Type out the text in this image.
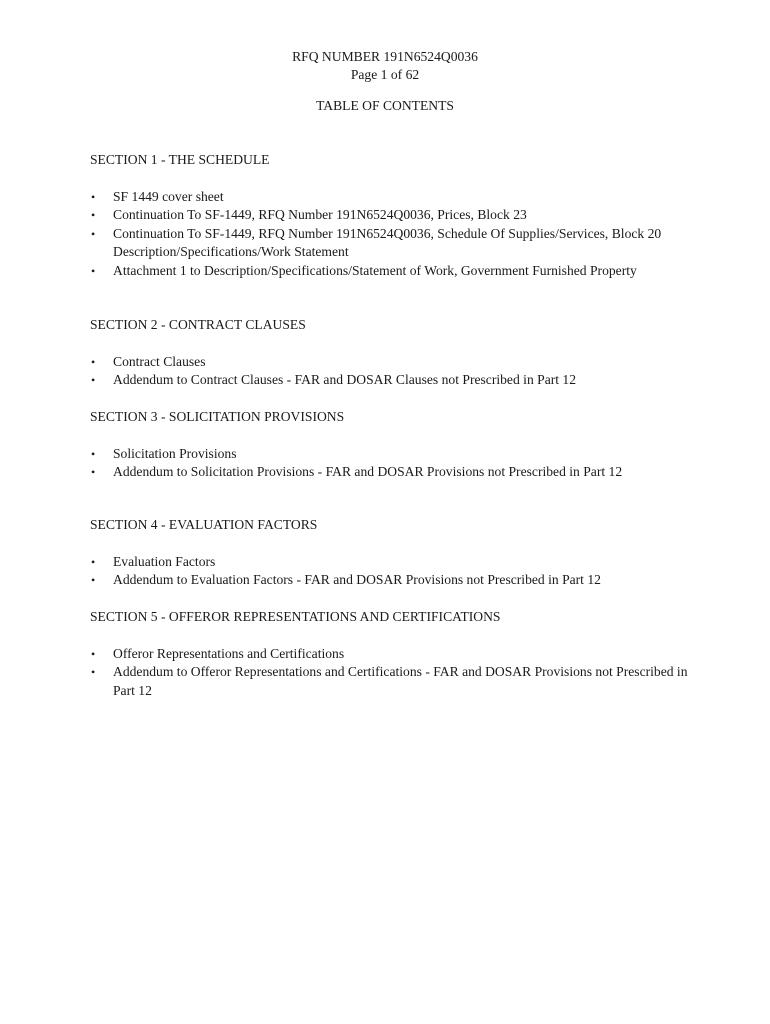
RFQ NUMBER 191N6524Q0036
Page 1 of 62
TABLE OF CONTENTS
SECTION 1 - THE SCHEDULE
• SF 1449 cover sheet
• Continuation To SF-1449, RFQ Number 191N6524Q0036, Prices, Block 23
• Continuation To SF-1449, RFQ Number 191N6524Q0036, Schedule Of Supplies/Services, Block 20 Description/Specifications/Work Statement
• Attachment 1 to Description/Specifications/Statement of Work, Government Furnished Property
SECTION 2 - CONTRACT CLAUSES
• Contract Clauses
• Addendum to Contract Clauses - FAR and DOSAR Clauses not Prescribed in Part 12
SECTION 3 - SOLICITATION PROVISIONS
• Solicitation Provisions
• Addendum to Solicitation Provisions - FAR and DOSAR Provisions not Prescribed in Part 12
SECTION 4 - EVALUATION FACTORS
• Evaluation Factors
• Addendum to Evaluation Factors - FAR and DOSAR Provisions not Prescribed in Part 12
SECTION 5 - OFFEROR REPRESENTATIONS AND CERTIFICATIONS
• Offeror Representations and Certifications
• Addendum to Offeror Representations and Certifications - FAR and DOSAR Provisions not Prescribed in Part 12
